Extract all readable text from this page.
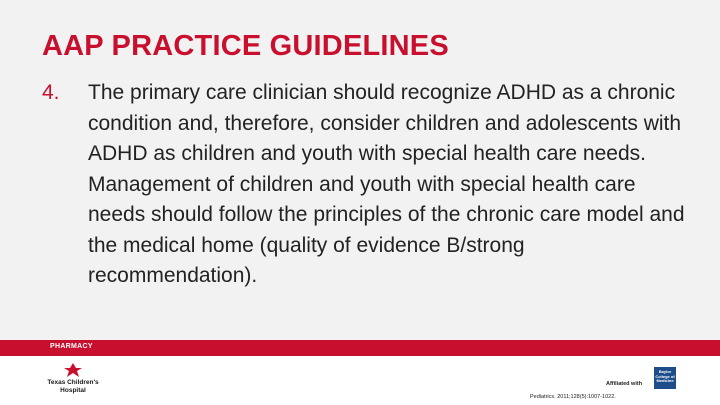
AAP PRACTICE GUIDELINES
4.	The primary care clinician should recognize ADHD as a chronic condition and, therefore, consider children and adolescents with ADHD as children and youth with special health care needs. Management of children and youth with special health care needs should follow the principles of the chronic care model and the medical home (quality of evidence B/strong recommendation).

PHARMACY
Texas Children's Hospital
Affiliated with
Baylor College of Medicine
Pediatrics. 2011;128(5):1007-1022.
